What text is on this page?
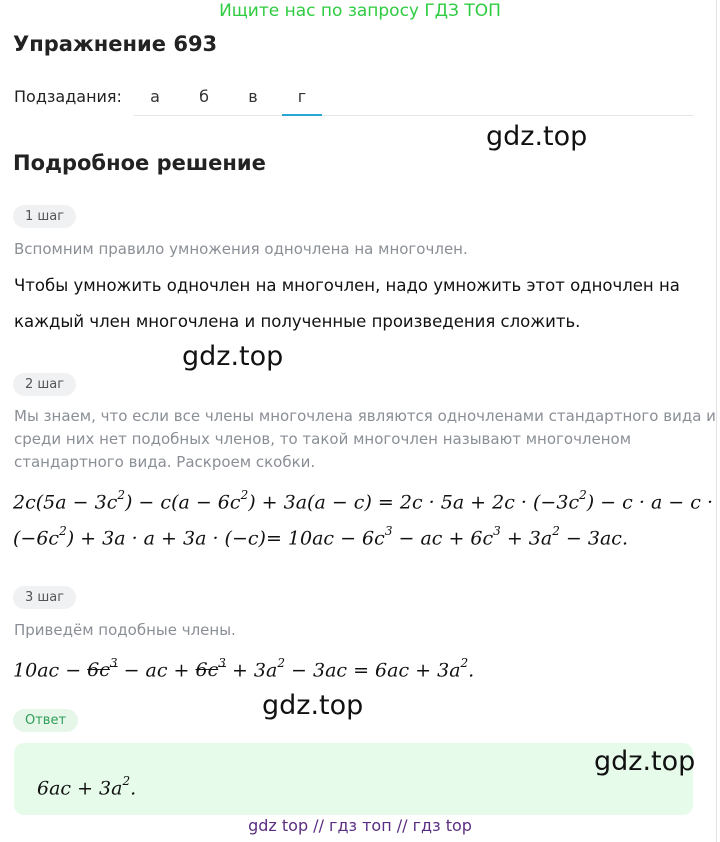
Ищите нас по запросу ГДЗ ТОП
Упражнение 693
Подзадания:	а	б	в	г
gdz.top
Подробное решение
1 шаг
Вспомним правило умножения одночлена на многочлен.
Чтобы умножить одночлен на многочлен, надо умножить этот одночлен на
каждый член многочлена и полученные произведения сложить.
gdz.top
2 шаг
Мы знаем, что если все члены многочлена являются одночленами стандартного вида и
среди них нет подобных членов, то такой многочлен называют многочленом
стандартного вида. Раскроем скобки.
$2c(5a - 3c^2) - c(a - 6c^2) + 3a(a - c) = 2c \cdot 5a + 2c \cdot (-3c^2) - c \cdot a - c$ ·
$(-6c^2) + 3a \cdot a + 3a \cdot (-c)= 10ac - 6c^3$ − ac + $6c^3 + 3a^2 - 3ac$.
3 шаг
Приведём подобные члены.
$10ac - 6c^3$ − ac + $6c^3 + 3a^2 - 3ac = 6ac + 3a^2$.
gdz.top
Ответ
$6ac + 3a^2$.
gdz.top
gdz top // гдз топ // гдз top
